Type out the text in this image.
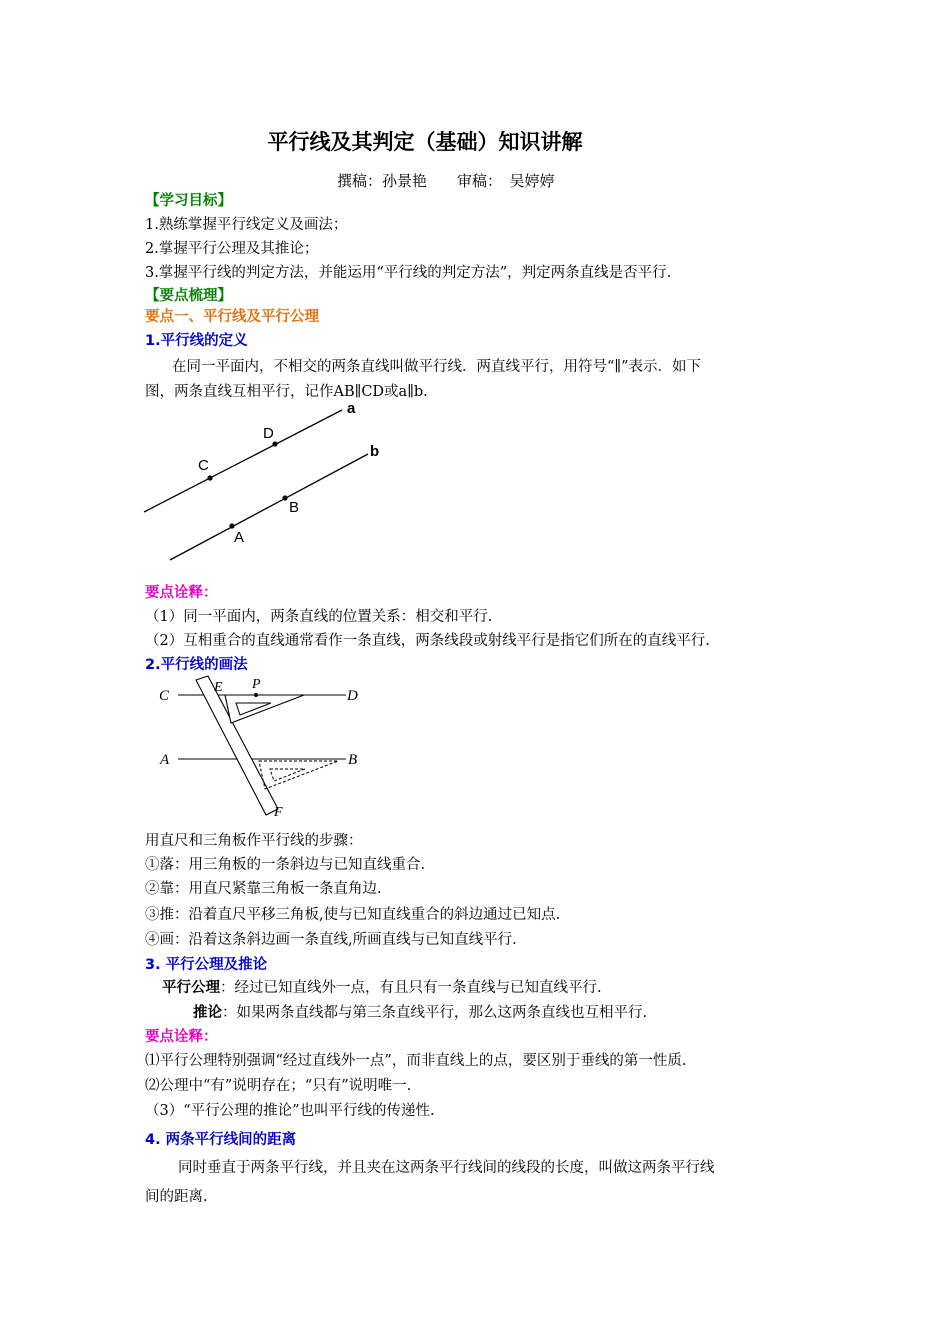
平行线及其判定（基础）知识讲解
撰稿：孙景艳　　审稿：　吴婷婷
【学习目标】
1.熟练掌握平行线定义及画法；
2.掌握平行公理及其推论；
3.掌握平行线的判定方法，并能运用“平行线的判定方法”，判定两条直线是否平行.
【要点梳理】
要点一、平行线及平行公理
1.平行线的定义
在同一平面内，不相交的两条直线叫做平行线．两直线平行，用符号“∥”表示．如下
图，两条直线互相平行，记作AB∥CD或a∥b.
a
b
C
D
A
B
要点诠释：
（1）同一平面内，两条直线的位置关系：相交和平行.
（2）互相重合的直线通常看作一条直线，两条线段或射线平行是指它们所在的直线平行.
2.平行线的画法
C
E P
D
A	B
F
用直尺和三角板作平行线的步骤：
①落：用三角板的一条斜边与已知直线重合.
②靠：用直尺紧靠三角板一条直角边.
③推：沿着直尺平移三角板,使与已知直线重合的斜边通过已知点.
④画：沿着这条斜边画一条直线,所画直线与已知直线平行.
3. 平行公理及推论
平行公理：经过已知直线外一点，有且只有一条直线与已知直线平行.
推论：如果两条直线都与第三条直线平行，那么这两条直线也互相平行.
要点诠释：
⑴平行公理特别强调“经过直线外一点”，而非直线上的点，要区别于垂线的第一性质.
⑵公理中“有”说明存在；“只有”说明唯一.
（3）“平行公理的推论”也叫平行线的传递性.
4. 两条平行线间的距离
同时垂直于两条平行线，并且夹在这两条平行线间的线段的长度，叫做这两条平行线
间的距离.
